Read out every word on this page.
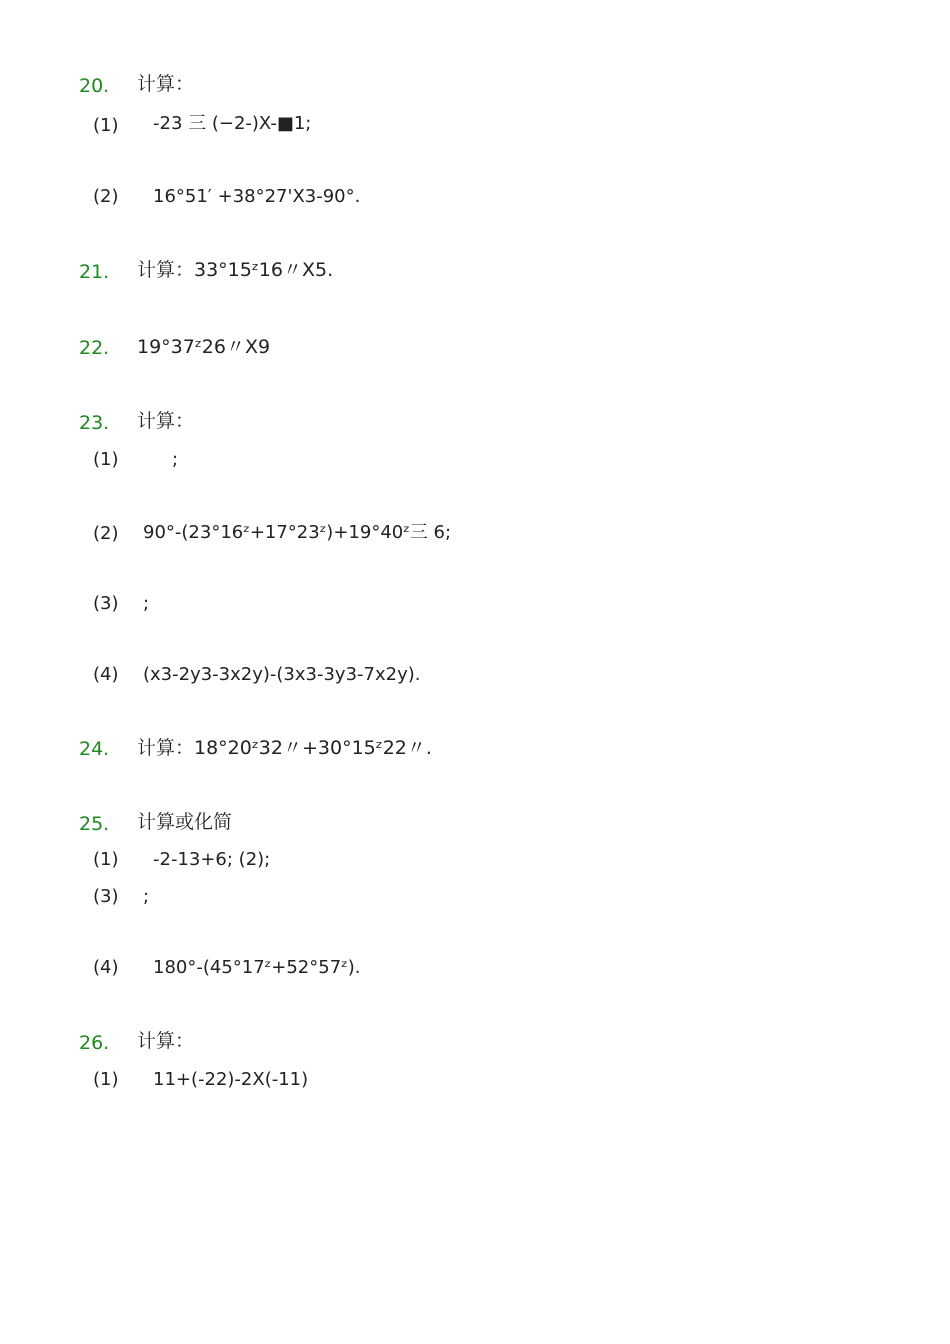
20. 计算：
(1) -23 三 (−2-)X-■1;
(2) 16°51′ +38°27'X3-90°.
21. 计算：33°15ᶻ16〃X5.
22. 19°37ᶻ26〃X9
23. 计算：
(1)	;
(2) 90°-(23°16ᶻ+17°23ᶻ)+19°40ᶻ三 6;
(3) ;
(4) (x3-2y3-3x2y)-(3x3-3y3-7x2y).
24. 计算：18°20ᶻ32〃+30°15ᶻ22〃.
25. 计算或化简
(1) -2-13+6; (2);
(3) ;
(4) 180°-(45°17ᶻ+52°57ᶻ).
26. 计算：
(1) 11+(-22)-2X(-11)
